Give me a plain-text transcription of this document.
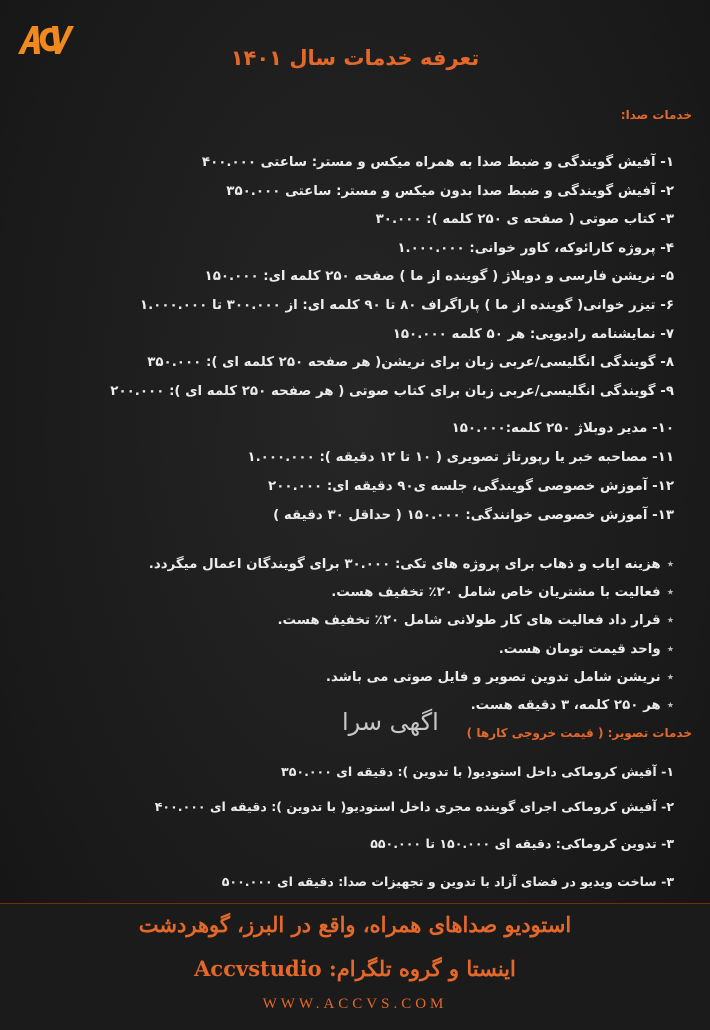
تعرفه خدمات سال ۱۴۰۱
خدمات صدا:
۱- آفیش گویندگی و ضبط صدا به همراه میکس و مستر: ساعتی ۴۰۰.۰۰۰
۲- آفیش گویندگی و ضبط صدا بدون میکس و مستر: ساعتی ۳۵۰.۰۰۰
۳- کتاب صوتی ( صفحه ی ۲۵۰ کلمه ): ۳۰.۰۰۰
۴- پروژه کارائوکه، کاور خوانی: ۱.۰۰۰.۰۰۰
۵- نریشن فارسی و دوبلاژ ( گوینده از ما ) صفحه ۲۵۰ کلمه ای: ۱۵۰.۰۰۰
۶- تیزر خوانی( گوینده از ما ) پاراگراف ۸۰ تا ۹۰ کلمه ای: از ۳۰۰.۰۰۰ تا ۱.۰۰۰.۰۰۰
۷- نمایشنامه رادیویی: هر ۵۰ کلمه ۱۵۰.۰۰۰
۸- گویندگی انگلیسی/عربی زبان برای نریشن( هر صفحه ۲۵۰ کلمه ای ): ۳۵۰.۰۰۰
۹- گویندگی انگلیسی/عربی زبان برای کتاب صوتی ( هر صفحه ۲۵۰ کلمه ای ): ۲۰۰.۰۰۰
۱۰- مدیر دوبلاژ ۲۵۰ کلمه:۱۵۰.۰۰۰
۱۱- مصاحبه خبر یا رپورتاژ تصویری ( ۱۰ تا ۱۲ دقیقه ): ۱.۰۰۰.۰۰۰
۱۲- آموزش خصوصی گویندگی، جلسه ی۹۰ دقیقه ای: ۲۰۰.۰۰۰
۱۳- آموزش خصوصی خوانندگی: ۱۵۰.۰۰۰ ( حداقل ۳۰ دقیقه )
٭هزینه ایاب و ذهاب برای پروژه های تکی: ۳۰.۰۰۰ برای گویندگان اعمال میگردد.
٭فعالیت با مشتریان خاص شامل ۲۰٪ تخفیف هست.
٭قرار داد فعالیت های کار طولانی شامل ۲۰٪ تخفیف هست.
٭واحد قیمت تومان هست.
٭نریشن شامل تدوین تصویر و فایل صوتی می باشد.
٭هر ۲۵۰ کلمه، ۳ دقیقه هست.
خدمات تصویر: ( قیمت خروجی کارها )
۱- آفیش کروماکی داخل استودیو( با تدوین ): دقیقه ای ۳۵۰.۰۰۰
۲- آفیش کروماکی اجرای گوینده مجری داخل استودیو( با تدوین ): دقیقه ای ۴۰۰.۰۰۰
۳- تدوین کروماکی: دقیقه ای ۱۵۰.۰۰۰ تا ۵۵۰.۰۰۰
۳- ساخت ویدیو در فضای آزاد با تدوین و تجهیزات صدا: دقیقه ای ۵۰۰.۰۰۰
اگهی سرا
استودیو صداهای همراه، واقع در البرز، گوهردشت
اینستا و گروه تلگرام: Accvstudio
WWW.ACCVS.COM
